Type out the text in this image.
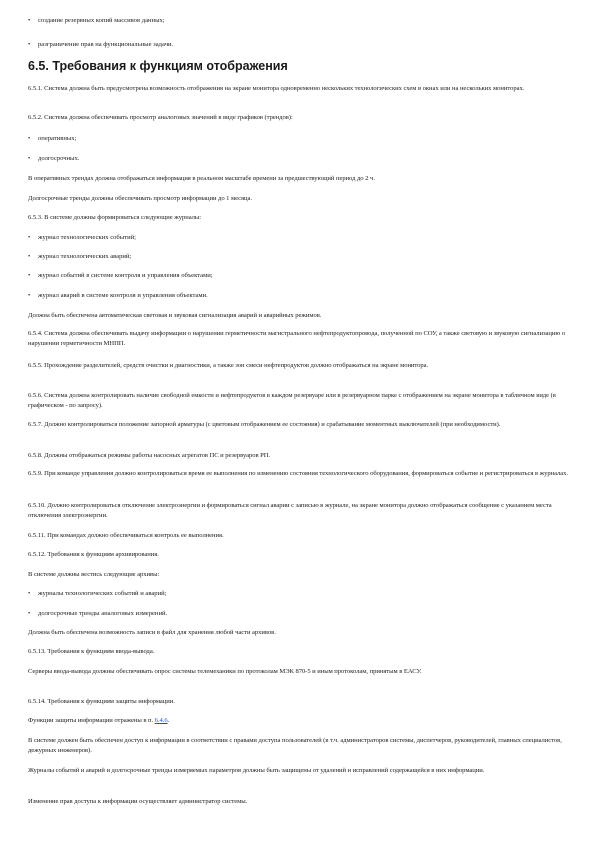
• создание резервных копий массивов данных;

• разграничение прав на функциональные задачи.

6.5. Требования к функциям отображения

6.5.1. Система должна быть предусмотрена возможность отображения на экране монитора одновременно нескольких технологических схем в окнах или на нескольких мониторах.

6.5.2. Система должна обеспечивать просмотр аналоговых значений в виде графиков (трендов):

• оперативных;

• долгосрочных.

В оперативных трендах должна отображаться информация в реальном масштабе времени за предшествующий период до 2 ч.

Долгосрочные тренды должны обеспечивать просмотр информации до 1 месяца.

6.5.3. В системе должны формироваться следующие журналы:

• журнал технологических событий;

• журнал технологических аварий;

• журнал событий в системе контроля и управления объектами;

• журнал аварий в системе контроля и управления объектами.

Должна быть обеспечена автоматическая световая и звуковая сигнализация аварий и аварийных режимов.

6.5.4. Система должна обеспечивать выдачу информации о нарушении герметичности магистрального нефтепродуктопровода, полученной по СОУ, а также световую и звуковую сигнализацию о нарушении герметичности МНПП.

6.5.5. Прохождение разделителей, средств очистки и диагностики, а также зон смеси нефтепродуктов должно отображаться на экране монитора.

6.5.6. Система должна контролировать наличие свободной емкости и нефтепродуктов в каждом резервуаре или в резервуарном парке с отображением на экране монитора в табличном виде (в графическом - по запросу).

6.5.7. Должно контролироваться положение запорной арматуры (с цветовым отображением ее состояния) и срабатывание моментных выключателей (при необходимости).

6.5.8. Должны отображаться режимы работы насосных агрегатов ПС и резервуаров РП.

6.5.9. При команде управления должно контролироваться время ее выполнения по изменению состояния технологического оборудования, формироваться событие и регистрироваться в журналах.

6.5.10. Должно контролироваться отключение электроэнергии и формироваться сигнал аварии с записью в журнале, на экране монитора должно отображаться сообщение с указанием места отключения электроэнергии.

6.5.11. При командах должно обеспечиваться контроль ее выполнения.

6.5.12. Требования к функциям архивирования.

В системе должны вестись следующие архивы:

• журналы технологических событий и аварий;

• долгосрочные тренды аналоговых измерений.

Должна быть обеспечена возможность записи в файл для хранения любой части архивов.

6.5.13. Требования к функциям ввода-вывода.

Серверы ввода-вывода должны обеспечивать опрос системы телемеханики по протоколам МЭК 870-5 и иным протоколам, принятым в ЕАСУ.

6.5.14. Требования к функциям защиты информации.

Функции защиты информации отражены в п. 6.4.6.

В системе должен быть обеспечен доступ к информации в соответствии с правами доступа пользователей (в т.ч. администраторов системы, диспетчеров, руководителей, главных специалистов, дежурных инженеров).

Журналы событий и аварий и долгосрочные тренды измеряемых параметров должны быть защищены от удалений и исправлений содержащейся в них информации.

Изменение прав доступа к информации осуществляет администратор системы.
